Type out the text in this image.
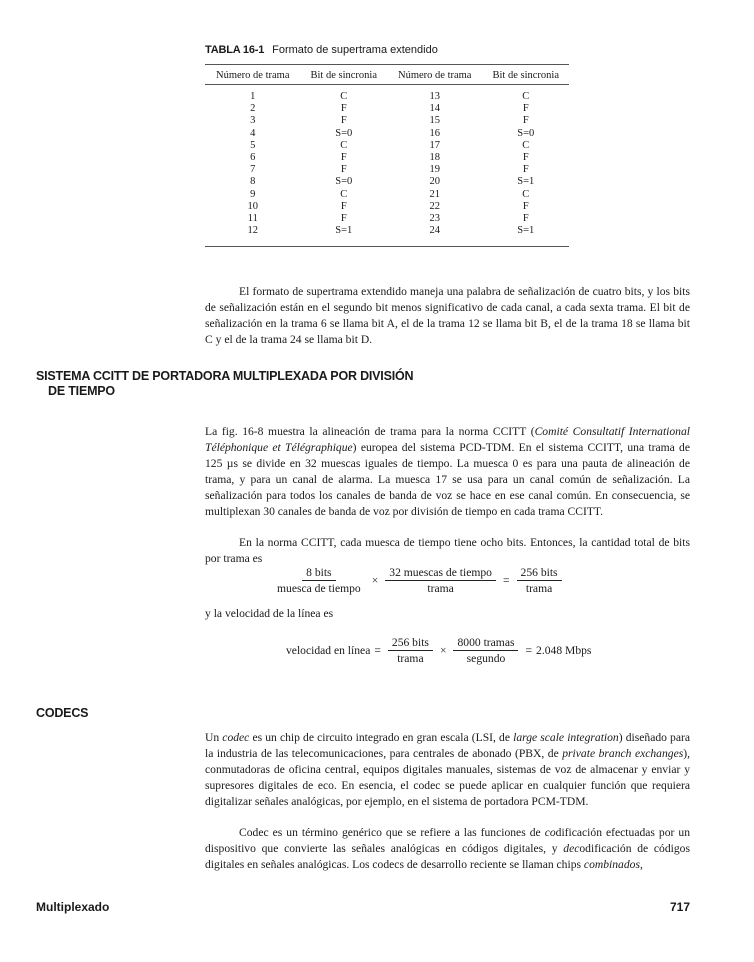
TABLA 16-1 Formato de supertrama extendido
Número de trama	Bit de sincronia	Número de trama	Bit de sincronia
1	C	13	C
2	F	14	F
3	F	15	F
4	S=0	16	S=0
5	C	17	C
6	F	18	F
7	F	19	F
8	S=0	20	S=1
9	C	21	C
10	F	22	F
11	F	23	F
12	S=1	24	S=1
El formato de supertrama extendido maneja una palabra de señalización de cuatro bits, y los bits de señalización están en el segundo bit menos significativo de cada canal, a cada sexta trama. El bit de señalización en la trama 6 se llama bit A, el de la trama 12 se llama bit B, el de la trama 18 se llama bit C y el de la trama 24 se llama bit D.
SISTEMA CCITT DE PORTADORA MULTIPLEXADA POR DIVISIÓN
DE TIEMPO
La fig. 16-8 muestra la alineación de trama para la norma CCITT (Comité Consultatif International Téléphonique et Télégraphique) europea del sistema PCD-TDM. En el sistema CCITT, una trama de 125 µs se divide en 32 muescas iguales de tiempo. La muesca 0 es para una pauta de alineación de trama, y para un canal de alarma. La muesca 17 se usa para un canal común de señalización. La señalización para todos los canales de banda de voz se hace en ese canal común. En consecuencia, se multiplexan 30 canales de banda de voz por división de tiempo en cada trama CCITT.
En la norma CCITT, cada muesca de tiempo tiene ocho bits. Entonces, la cantidad total de bits por trama es
$\frac{\text{8 bits}}{\text{muesca de tiempo}} \times \frac{\text{32 muescas de tiempo}}{\text{trama}} = \frac{\text{256 bits}}{\text{trama}}$
y la velocidad de la línea es
velocidad en línea = $\frac{\text{256 bits}}{\text{trama}} \times \frac{\text{8000 tramas}}{\text{segundo}} = 2.048$ Mbps
CODECS
Un codec es un chip de circuito integrado en gran escala (LSI, de large scale integration) diseñado para la industria de las telecomunicaciones, para centrales de abonado (PBX, de private branch exchanges), conmutadoras de oficina central, equipos digitales manuales, sistemas de voz de almacenar y enviar y supresores digitales de eco. En esencia, el codec se puede aplicar en cualquier función que requiera digitalizar señales analógicas, por ejemplo, en el sistema de portadora PCM-TDM.
Codec es un término genérico que se refiere a las funciones de codificación efectuadas por un dispositivo que convierte las señales analógicas en códigos digitales, y decodificación de códigos digitales en señales analógicas. Los codecs de desarrollo reciente se llaman chips combinados,
Multiplexado	717
